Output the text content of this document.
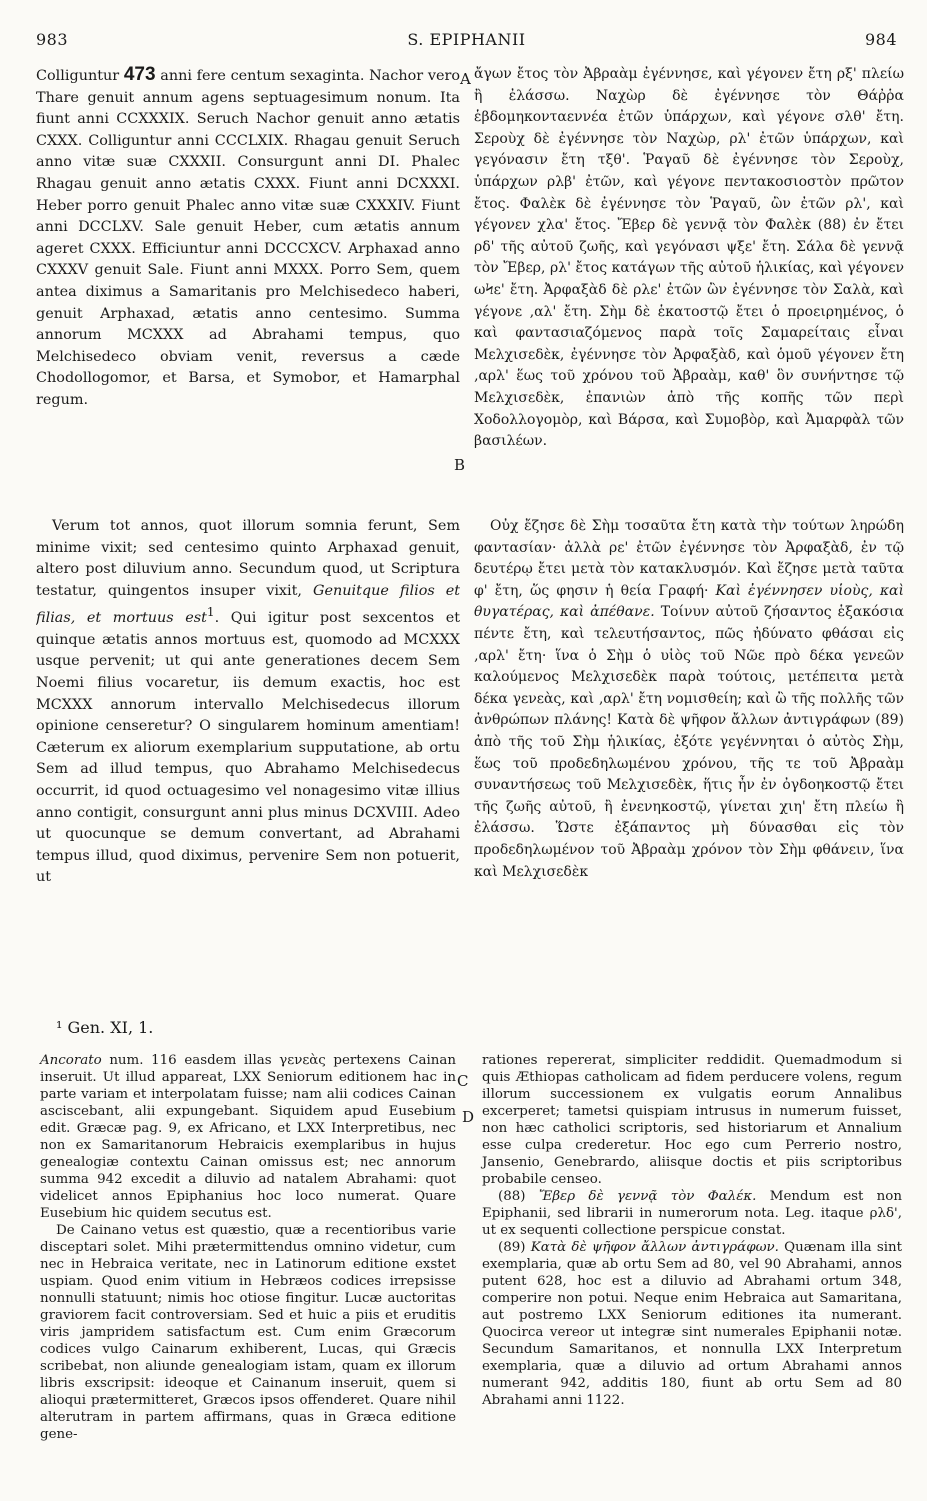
983	S. EPIPHANII	984
A
B
C
D

Colliguntur 473 anni fere centum sexaginta. Nachor vero Thare genuit annum agens septuagesimum nonum. Ita fiunt anni CCXXXIX. Seruch Nachor genuit anno ætatis CXXX. Colliguntur anni CCCLXIX. Rhagau genuit Seruch anno vitæ suæ CXXXII. Consurgunt anni DI. Phalec Rhagau genuit anno ætatis CXXX. Fiunt anni DCXXXI. Heber porro genuit Phalec anno vitæ suæ CXXXIV. Fiunt anni DCCLXV. Sale genuit Heber, cum ætatis annum ageret CXXX. Efficiuntur anni DCCCXCV. Arphaxad anno CXXXV genuit Sale. Fiunt anni MXXX. Porro Sem, quem antea diximus a Samaritanis pro Melchisedeco haberi, genuit Arphaxad, ætatis anno centesimo. Summa annorum MCXXX ad Abrahami tempus, quo Melchisedeco obviam venit, reversus a cæde Chodollogomor, et Barsa, et Symobor, et Hamarphal regum.

ἄγων ἔτος τὸν Ἀβραὰμ ἐγέννησε, καὶ γέγονεν ἔτη ρξ' πλείω ἢ ἐλάσσω. Ναχὼρ δὲ ἐγέννησε τὸν Θάῤῥα ἑβδομηκονταεννέα ἐτῶν ὑπάρχων, καὶ γέγονε σλθ' ἔτη. Σεροὺχ δὲ ἐγέννησε τὸν Ναχὼρ, ρλ' ἐτῶν ὑπάρχων, καὶ γεγόνασιν ἔτη τξθ'. Ῥαγαῦ δὲ ἐγέννησε τὸν Σεροὺχ, ὑπάρχων ρλβ' ἐτῶν, καὶ γέγονε πεντακοσιοστὸν πρῶτον ἔτος. Φαλὲκ δὲ ἐγέννησε τὸν Ῥαγαῦ, ὢν ἐτῶν ρλ', καὶ γέγονεν χλα' ἔτος. Ἔβερ δὲ γεννᾷ τὸν Φαλὲκ (88) ἐν ἔτει ρδ' τῆς αὐτοῦ ζωῆς, καὶ γεγόνασι ψξε' ἔτη. Σάλα δὲ γεννᾷ τὸν Ἔβερ, ρλ' ἔτος κατάγων τῆς αὐτοῦ ἡλικίας, καὶ γέγονεν ωϞε' ἔτη. Ἀρφαξὰδ δὲ ρλε' ἐτῶν ὢν ἐγέννησε τὸν Σαλὰ, καὶ γέγονε ‚αλ' ἔτη. Σὴμ δὲ ἑκατοστῷ ἔτει ὁ προειρημένος, ὁ καὶ φαντασιαζόμενος παρὰ τοῖς Σαμαρείταις εἶναι Μελχισεδὲκ, ἐγέννησε τὸν Ἀρφαξὰδ, καὶ ὁμοῦ γέγονεν ἔτη ‚αρλ' ἕως τοῦ χρόνου τοῦ Ἀβραὰμ, καθ' ὃν συνήντησε τῷ Μελχισεδὲκ, ἐπανιὼν ἀπὸ τῆς κοπῆς τῶν περὶ Χοδολλογομὸρ, καὶ Βάρσα, καὶ Συμοβὸρ, καὶ Ἀμαρφὰλ τῶν βασιλέων.

Verum tot annos, quot illorum somnia ferunt, Sem minime vixit; sed centesimo quinto Arphaxad genuit, altero post diluvium anno. Secundum quod, ut Scriptura testatur, quingentos insuper vixit, Genuitque filios et filias, et mortuus est$^1$. Qui igitur post sexcentos et quinque ætatis annos mortuus est, quomodo ad MCXXX usque pervenit; ut qui ante generationes decem Sem Noemi filius vocaretur, iis demum exactis, hoc est MCXXX annorum intervallo Melchisedecus illorum opinione censeretur? O singularem hominum amentiam! Cæterum ex aliorum exemplarium supputatione, ab ortu Sem ad illud tempus, quo Abrahamo Melchisedecus occurrit, id quod octuagesimo vel nonagesimo vitæ illius anno contigit, consurgunt anni plus minus DCXVIII. Adeo ut quocunque se demum convertant, ad Abrahami tempus illud, quod diximus, pervenire Sem non potuerit, ut

Οὐχ ἔζησε δὲ Σὴμ τοσαῦτα ἔτη κατὰ τὴν τούτων ληρώδη φαντασίαν· ἀλλὰ ρε' ἐτῶν ἐγέννησε τὸν Ἀρφαξὰδ, ἐν τῷ δευτέρῳ ἔτει μετὰ τὸν κατακλυσμόν. Καὶ ἔζησε μετὰ ταῦτα φ' ἔτη, ὥς φησιν ἡ θεία Γραφή· Καὶ ἐγέννησεν υἱοὺς, καὶ θυγατέρας, καὶ ἀπέθανε. Τοίνυν αὐτοῦ ζήσαντος ἑξακόσια πέντε ἔτη, καὶ τελευτήσαντος, πῶς ἠδύνατο φθάσαι εἰς ‚αρλ' ἔτη· ἵνα ὁ Σὴμ ὁ υἱὸς τοῦ Νῶε πρὸ δέκα γενεῶν καλούμενος Μελχισεδὲκ παρὰ τούτοις, μετέπειτα μετὰ δέκα γενεὰς, καὶ ‚αρλ' ἔτη νομισθείη; καὶ ὢ τῆς πολλῆς τῶν ἀνθρώπων πλάνης! Κατὰ δὲ ψῆφον ἄλλων ἀντιγράφων (89) ἀπὸ τῆς τοῦ Σὴμ ἡλικίας, ἐξότε γεγέννηται ὁ αὐτὸς Σὴμ, ἕως τοῦ προδεδηλωμένου χρόνου, τῆς τε τοῦ Ἀβραὰμ συναντήσεως τοῦ Μελχισεδὲκ, ἥτις ἦν ἐν ὀγδοηκοστῷ ἔτει τῆς ζωῆς αὐτοῦ, ἢ ἐνενηκοστῷ, γίνεται χιη' ἔτη πλείω ἢ ἐλάσσω. Ὥστε ἐξάπαντος μὴ δύνασθαι εἰς τὸν προδεδηλωμένον τοῦ Ἀβραὰμ χρόνον τὸν Σὴμ φθάνειν, ἵνα καὶ Μελχισεδὲκ

¹ Gen. XI, 1.

Ancorato num. 116 easdem illas γενεὰς pertexens Cainan inseruit. Ut illud appareat, LXX Seniorum editionem hac in parte variam et interpolatam fuisse; nam alii codices Cainan asciscebant, alii expungebant. Siquidem apud Eusebium edit. Græcæ pag. 9, ex Africano, et LXX Interpretibus, nec non ex Samaritanorum Hebraicis exemplaribus in hujus genealogiæ contextu Cainan omissus est; nec annorum summa 942 excedit a diluvio ad natalem Abrahami: quot videlicet annos Epiphanius hoc loco numerat. Quare Eusebium hic quidem secutus est.

De Cainano vetus est quæstio, quæ a recentioribus varie disceptari solet. Mihi prætermittendus omnino videtur, cum nec in Hebraica veritate, nec in Latinorum editione exstet uspiam. Quod enim vitium in Hebræos codices irrepsisse nonnulli statuunt; nimis hoc otiose fingitur. Lucæ auctoritas graviorem facit controversiam. Sed et huic a piis et eruditis viris jampridem satisfactum est. Cum enim Græcorum codices vulgo Cainarum exhiberent, Lucas, qui Græcis scribebat, non aliunde genealogiam istam, quam ex illorum libris exscripsit: ideoque et Cainanum inseruit, quem si alioqui prætermitteret, Græcos ipsos offenderet. Quare nihil alterutram in partem affirmans, quas in Græca editione gene-

rationes repererat, simpliciter reddidit. Quemadmodum si quis Æthiopas catholicam ad fidem perducere volens, regum illorum successionem ex vulgatis eorum Annalibus excerperet; tametsi quispiam intrusus in numerum fuisset, non hæc catholici scriptoris, sed historiarum et Annalium esse culpa crederetur. Hoc ego cum Perrerio nostro, Jansenio, Genebrardo, aliisque doctis et piis scriptoribus probabile censeo.

(88) Ἔβερ δὲ γεννᾷ τὸν Φαλέκ. Mendum est non Epiphanii, sed librarii in numerorum nota. Leg. itaque ρλδ', ut ex sequenti collectione perspicue constat.

(89) Κατὰ δὲ ψῆφον ἄλλων ἀντιγράφων. Quænam illa sint exemplaria, quæ ab ortu Sem ad 80, vel 90 Abrahami, annos putent 628, hoc est a diluvio ad Abrahami ortum 348, comperire non potui. Neque enim Hebraica aut Samaritana, aut postremo LXX Seniorum editiones ita numerant. Quocirca vereor ut integræ sint numerales Epiphanii notæ. Secundum Samaritanos, et nonnulla LXX Interpretum exemplaria, quæ a diluvio ad ortum Abrahami annos numerant 942, additis 180, fiunt ab ortu Sem ad 80 Abrahami anni 1122.
